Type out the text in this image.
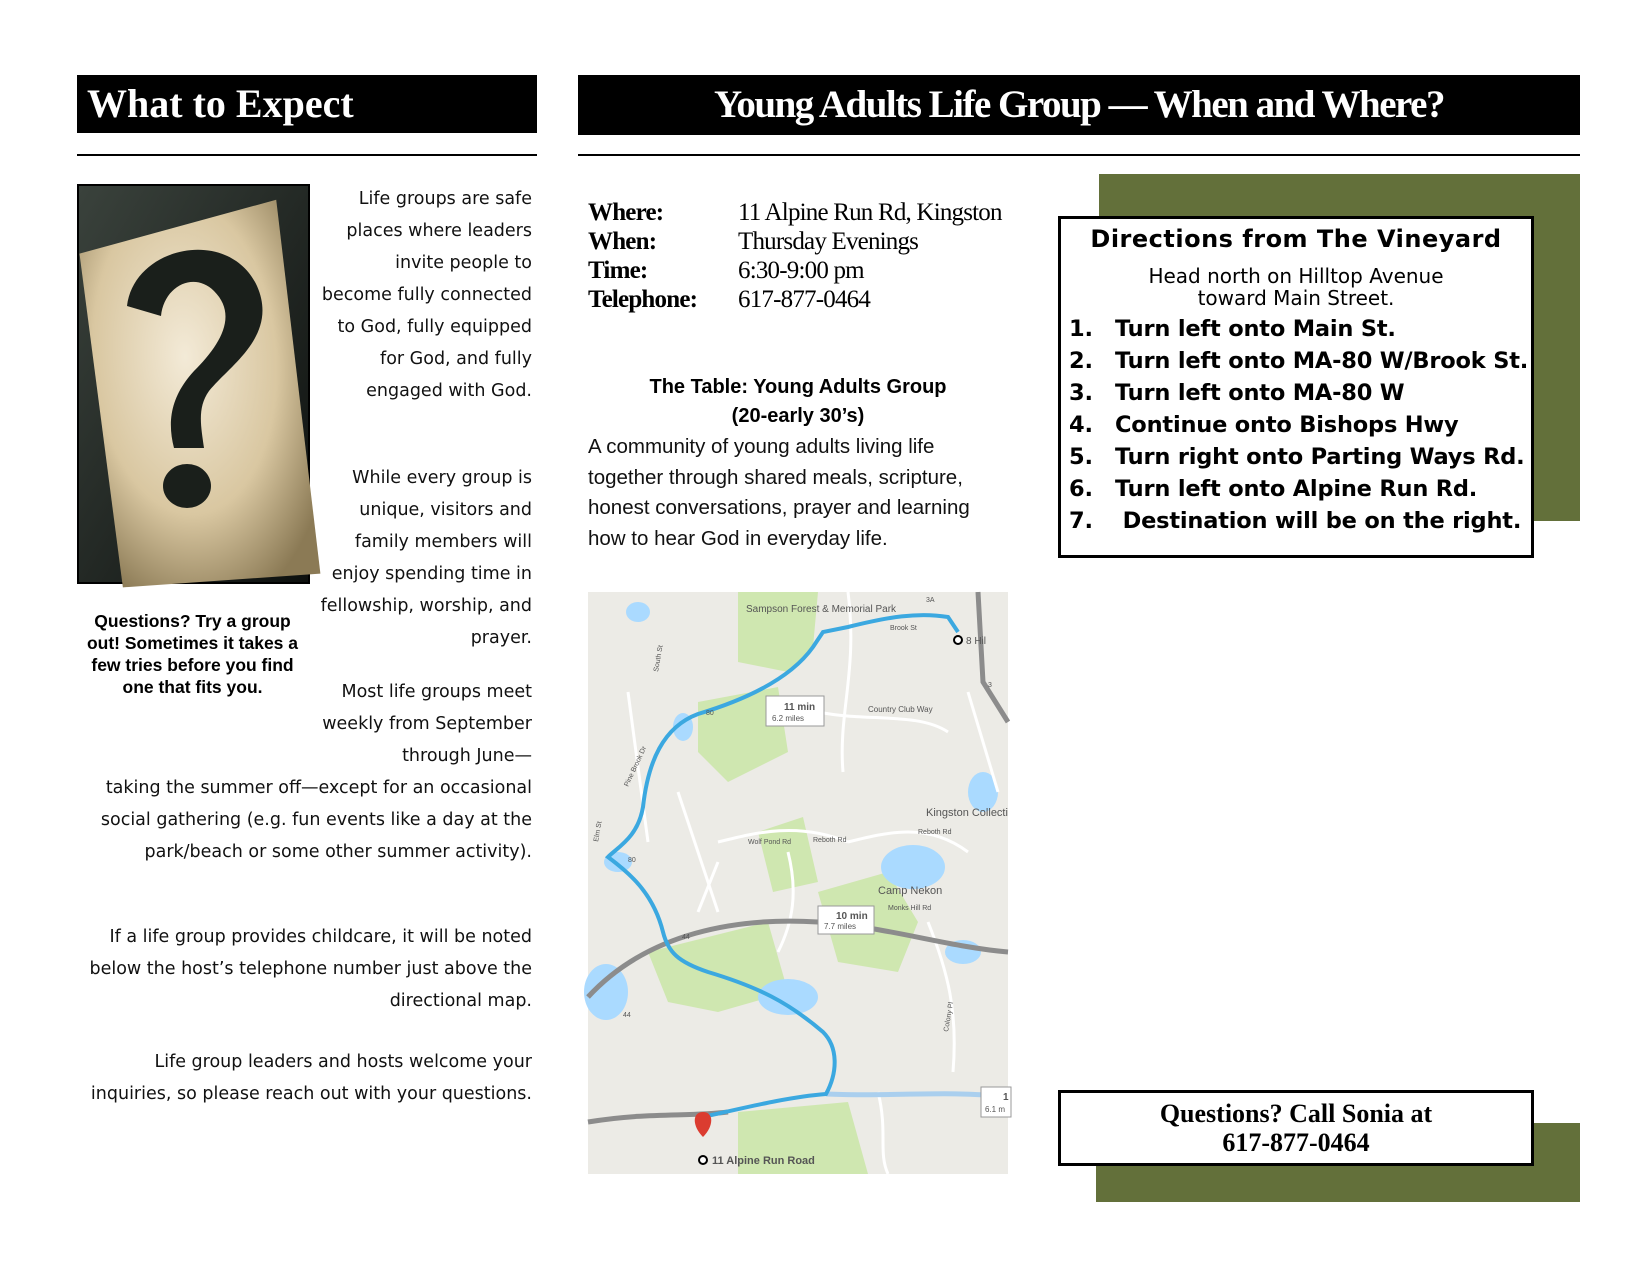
What to Expect
Questions? Try a group out! Sometimes it takes a few tries before you find one that fits you.
Life groups are safe places where leaders invite people to become fully connected to God, fully equipped for God, and fully engaged with God.
While every group is unique, visitors and family members will enjoy spending time in fellowship, worship, and prayer.
Most life groups meet weekly from September through June—
taking the summer off—except for an occasional social gathering (e.g. fun events like a day at the park/beach or some other summer activity).
If a life group provides childcare, it will be noted below the host’s telephone number just above the directional map.
Life group leaders and hosts welcome your inquiries, so please reach out with your questions.
Young Adults Life Group — When and Where?
Where:	11 Alpine Run Rd, Kingston
When:	Thursday Evenings
Time:	6:30-9:00 pm
Telephone:	617-877-0464
The Table: Young Adults Group
(20-early 30’s)
A community of young adults living life together through shared meals, scripture, honest conversations, prayer and learning how to hear God in everyday life.
Sampson Forest & Memorial Park
11 Alpine Run Road
8 Hil
Kingston Collecti
Camp Nekon
Country Club Way
11 min
6.2 miles
10 min
7.7 miles
1
6.1 m
80
80
44
44
3
3A
Reboth Rd
Reboth Rd
Wolf Pond Rd
Pine Brook Dr
South St
Colony Pl
Monks Hill Rd
Brook St
Elm St
Directions from The Vineyard
Head north on Hilltop Avenue
toward Main Street.
1. Turn left onto Main St.
2. Turn left onto MA-80 W/Brook St.
3. Turn left onto MA-80 W
4. Continue onto Bishops Hwy
5. Turn right onto Parting Ways Rd.
6. Turn left onto Alpine Run Rd.
7. Destination will be on the right.
Questions? Call Sonia at
617-877-0464
